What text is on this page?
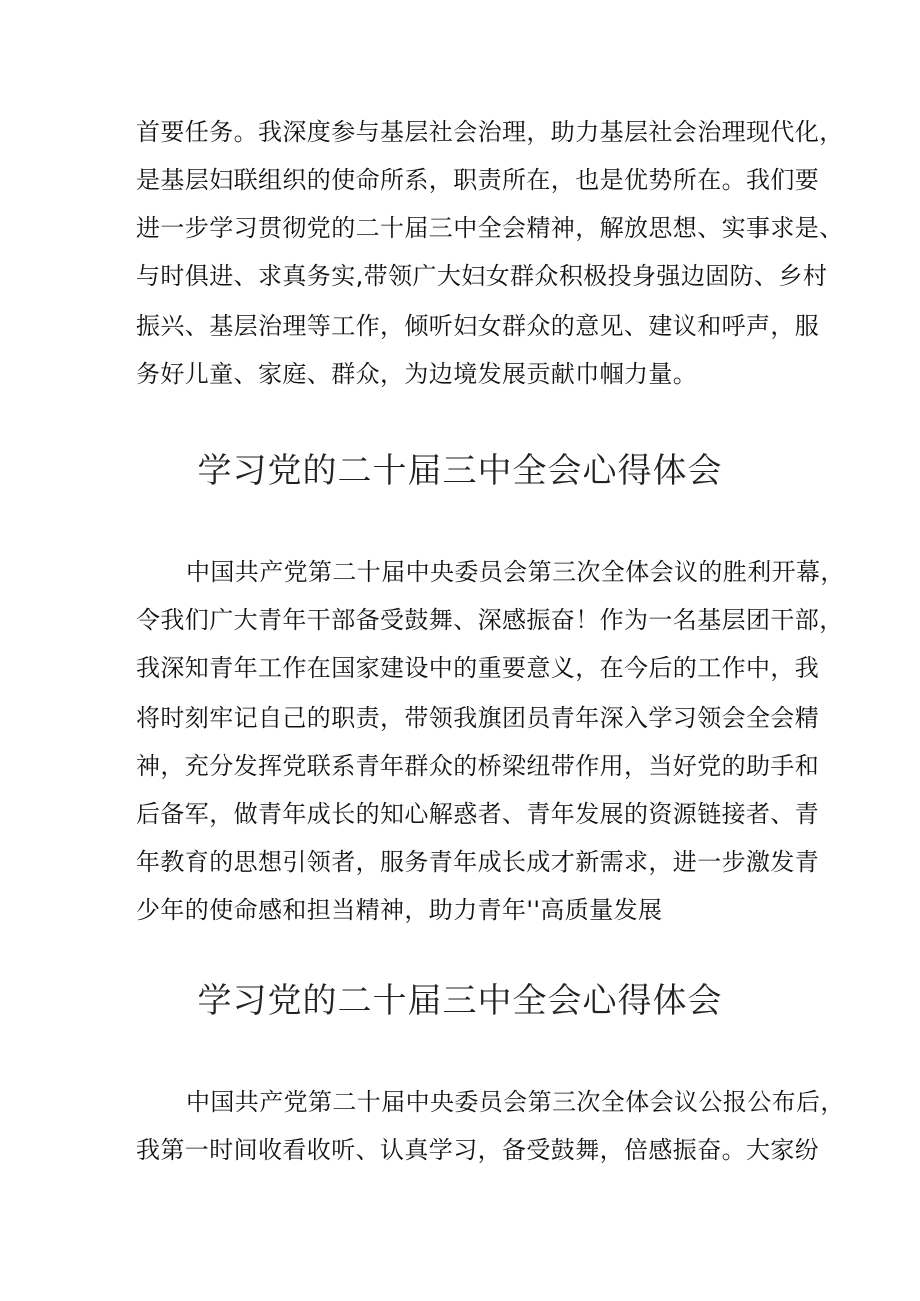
首要任务。我深度参与基层社会治理，助力基层社会治理现代化，
是基层妇联组织的使命所系，职责所在，也是优势所在。我们要
进一步学习贯彻党的二十届三中全会精神，解放思想、实事求是、
与时俱进、求真务实,带领广大妇女群众积极投身强边固防、乡村
振兴、基层治理等工作，倾听妇女群众的意见、建议和呼声，服
务好儿童、家庭、群众，为边境发展贡献巾帼力量。
学习党的二十届三中全会心得体会
中国共产党第二十届中央委员会第三次全体会议的胜利开幕，
令我们广大青年干部备受鼓舞、深感振奋！作为一名基层团干部，
我深知青年工作在国家建设中的重要意义，在今后的工作中，我
将时刻牢记自己的职责，带领我旗团员青年深入学习领会全会精
神，充分发挥党联系青年群众的桥梁纽带作用，当好党的助手和
后备军，做青年成长的知心解惑者、青年发展的资源链接者、青
年教育的思想引领者，服务青年成长成才新需求，进一步激发青
少年的使命感和担当精神，助力青年''高质量发展
学习党的二十届三中全会心得体会
中国共产党第二十届中央委员会第三次全体会议公报公布后，
我第一时间收看收听、认真学习，备受鼓舞，倍感振奋。大家纷
